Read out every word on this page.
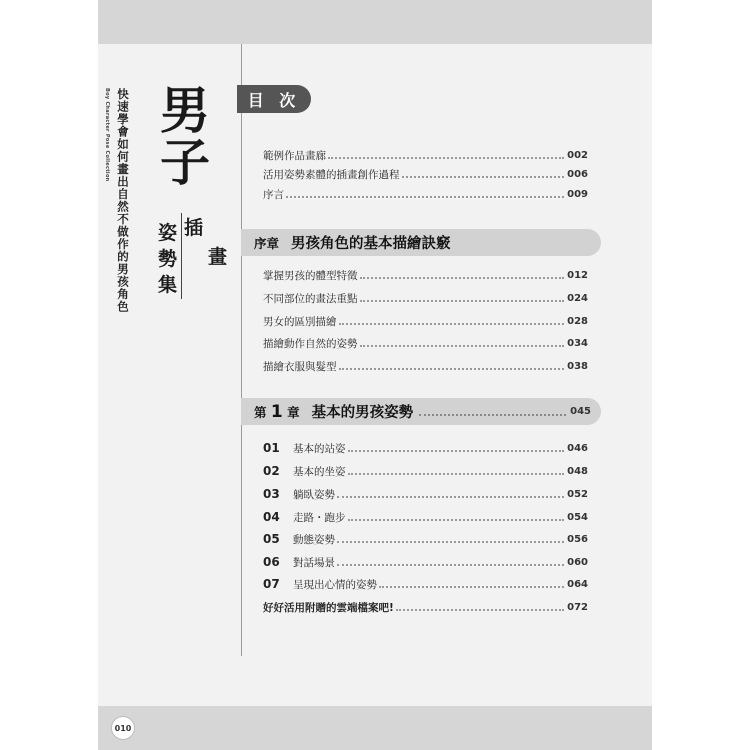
010
Boy Character Pose Collection 快速學會如何畫出自然不做作的男孩角色 男
子
插
畫
姿
勢
集
目 次
範例作品畫廊	002
活用姿勢素體的插畫創作過程	006
序言	009
序章 男孩角色的基本描繪訣竅
掌握男孩的體型特徵	012
不同部位的畫法重點	024
男女的區別描繪	028
描繪動作自然的姿勢	034
描繪衣服與髮型	038
第 1 章 基本的男孩姿勢	045
01	基本的站姿	046
02	基本的坐姿	048
03	躺臥姿勢	052
04	走路・跑步	054
05	動態姿勢	056
06	對話場景	060
07	呈現出心情的姿勢	064
好好活用附贈的雲端檔案吧!	072
